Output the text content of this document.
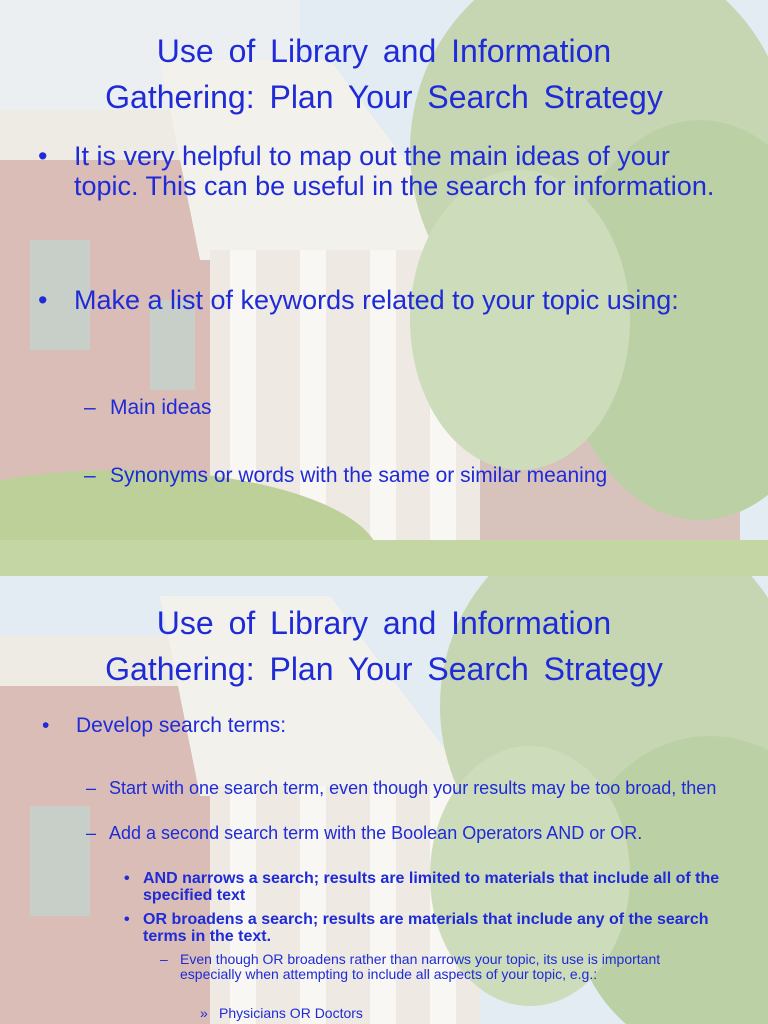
Use of Library and Information
Gathering: Plan Your Search Strategy
• It is very helpful to map out the main ideas of your topic. This can be useful in the search for information.
• Make a list of keywords related to your topic using:
– Main ideas
– Synonyms or words with the same or similar meaning
Use of Library and Information
Gathering: Plan Your Search Strategy
•	Develop search terms:
– Start with one search term, even though your results may be too broad, then
– Add a second search term with the Boolean Operators AND or OR.
• AND narrows a search; results are limited to materials that include all of the specified text
• OR broadens a search; results are materials that include any of the search terms in the text.
– Even though OR broadens rather than narrows your topic, its use is important especially when attempting to include all aspects of your topic, e.g.:
» Physicians OR Doctors
